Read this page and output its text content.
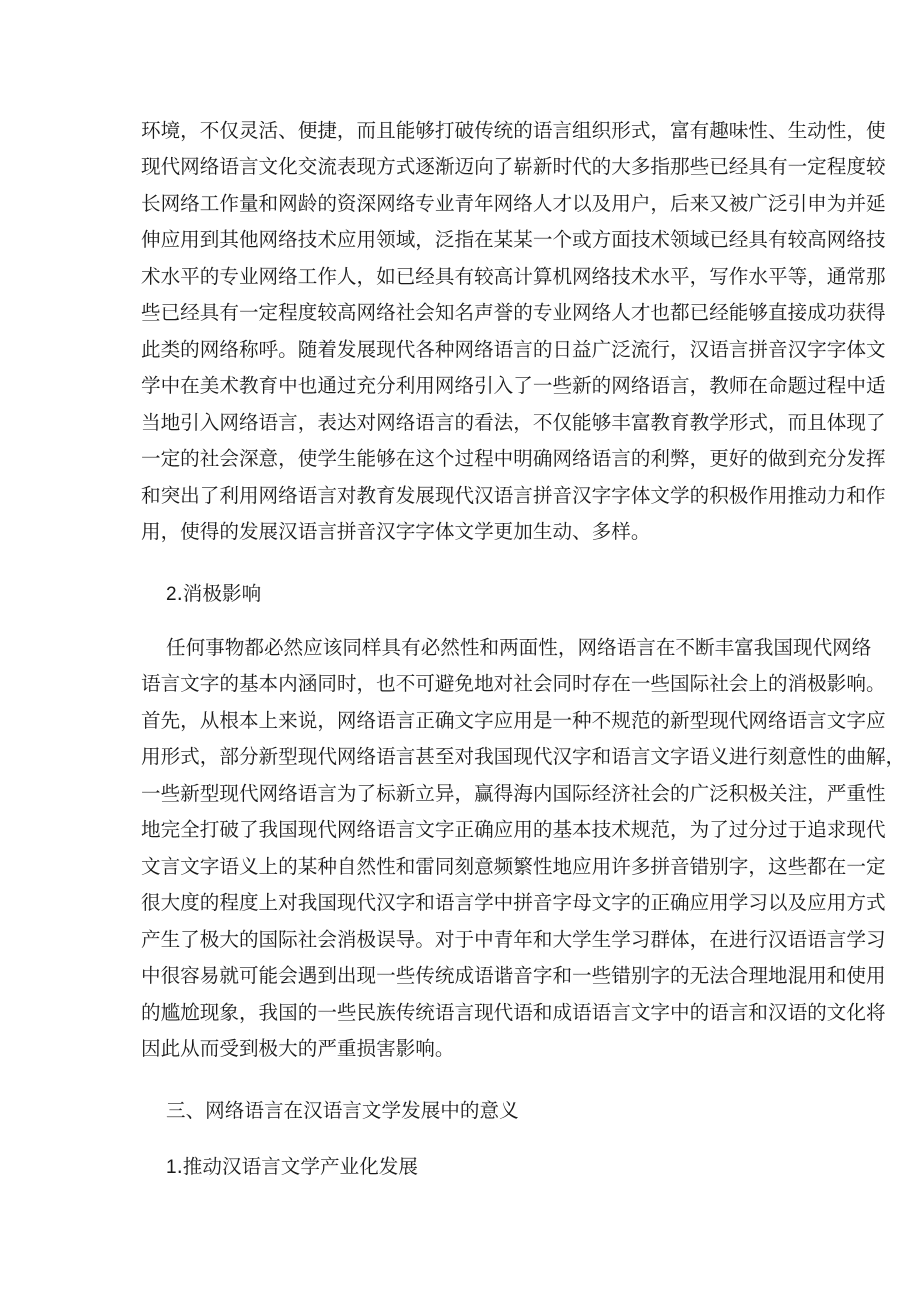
环境，不仅灵活、便捷，而且能够打破传统的语言组织形式，富有趣味性、生动性，使
现代网络语言文化交流表现方式逐渐迈向了崭新时代的大多指那些已经具有一定程度较
长网络工作量和网龄的资深网络专业青年网络人才以及用户，后来又被广泛引申为并延
伸应用到其他网络技术应用领域，泛指在某某一个或方面技术领域已经具有较高网络技
术水平的专业网络工作人，如已经具有较高计算机网络技术水平，写作水平等，通常那
些已经具有一定程度较高网络社会知名声誉的专业网络人才也都已经能够直接成功获得
此类的网络称呼。随着发展现代各种网络语言的日益广泛流行，汉语言拼音汉字字体文
学中在美术教育中也通过充分利用网络引入了一些新的网络语言，教师在命题过程中适
当地引入网络语言，表达对网络语言的看法，不仅能够丰富教育教学形式，而且体现了
一定的社会深意，使学生能够在这个过程中明确网络语言的利弊，更好的做到充分发挥
和突出了利用网络语言对教育发展现代汉语言拼音汉字字体文学的积极作用推动力和作
用，使得的发展汉语言拼音汉字字体文学更加生动、多样。
2.消极影响
任何事物都必然应该同样具有必然性和两面性，网络语言在不断丰富我国现代网络
语言文字的基本内涵同时，也不可避免地对社会同时存在一些国际社会上的消极影响。
首先，从根本上来说，网络语言正确文字应用是一种不规范的新型现代网络语言文字应
用形式，部分新型现代网络语言甚至对我国现代汉字和语言文字语义进行刻意性的曲解，
一些新型现代网络语言为了标新立异，赢得海内国际经济社会的广泛积极关注，严重性
地完全打破了我国现代网络语言文字正确应用的基本技术规范，为了过分过于追求现代
文言文字语义上的某种自然性和雷同刻意频繁性地应用许多拼音错别字，这些都在一定
很大度的程度上对我国现代汉字和语言学中拼音字母文字的正确应用学习以及应用方式
产生了极大的国际社会消极误导。对于中青年和大学生学习群体，在进行汉语语言学习
中很容易就可能会遇到出现一些传统成语谐音字和一些错别字的无法合理地混用和使用
的尴尬现象，我国的一些民族传统语言现代语和成语语言文字中的语言和汉语的文化将
因此从而受到极大的严重损害影响。
三、网络语言在汉语言文学发展中的意义
1.推动汉语言文学产业化发展
